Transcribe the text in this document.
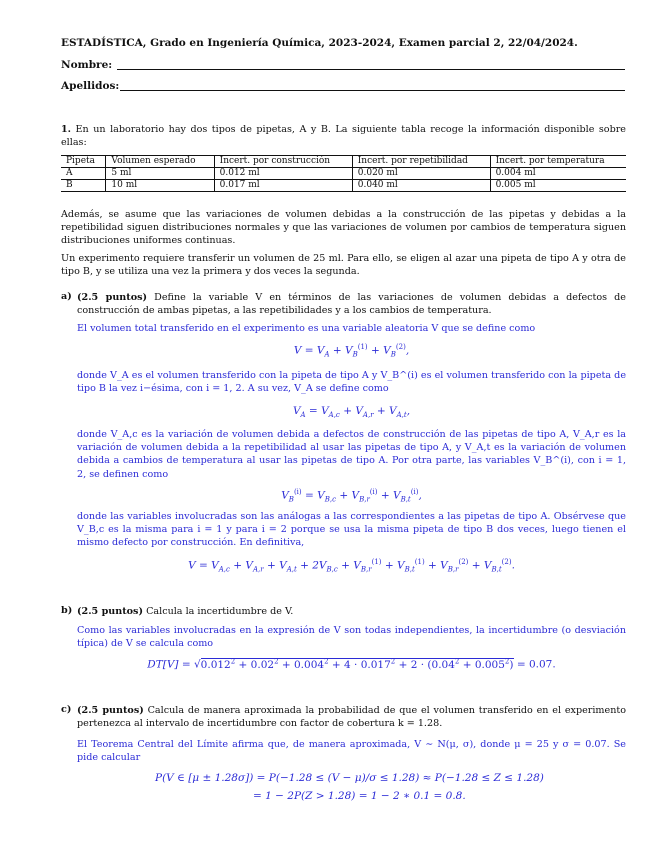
ESTADÍSTICA, Grado en Ingeniería Química, 2023-2024, Examen parcial 2, 22/04/2024.
Nombre:
Apellidos:
1. En un laboratorio hay dos tipos de pipetas, A y B. La siguiente tabla recoge la información disponible sobre ellas:
Pipeta	Volumen esperado	Incert. por construcción	Incert. por repetibilidad	Incert. por temperatura
A	5 ml	0.012 ml	0.020 ml	0.004 ml
B	10 ml	0.017 ml	0.040 ml	0.005 ml
Además, se asume que las variaciones de volumen debidas a la construcción de las pipetas y debidas a la repetibilidad siguen distribuciones normales y que las variaciones de volumen por cambios de temperatura siguen distribuciones uniformes continuas.
Un experimento requiere transferir un volumen de 25 ml. Para ello, se eligen al azar una pipeta de tipo A y otra de tipo B, y se utiliza una vez la primera y dos veces la segunda.
a) (2.5 puntos) Define la variable V en términos de las variaciones de volumen debidas a defectos de construcción de ambas pipetas, a las repetibilidades y a los cambios de temperatura.
El volumen total transferido en el experimento es una variable aleatoria V que se define como
$V = V_A + V_B^{(1)} + V_B^{(2)}$,
donde V_A es el volumen transferido con la pipeta de tipo A y V_B^(i) es el volumen transferido con la pipeta de tipo B la vez i−ésima, con i = 1, 2. A su vez, V_A se define como
$V_A = V_{A,c} + V_{A,r} + V_{A,t}$,
donde V_A,c es la variación de volumen debida a defectos de construcción de las pipetas de tipo A, V_A,r es la variación de volumen debida a la repetibilidad al usar las pipetas de tipo A, y V_A,t es la variación de volumen debida a cambios de temperatura al usar las pipetas de tipo A. Por otra parte, las variables V_B^(i), con i = 1, 2, se definen como
$V_B^{(i)} = V_{B,c} + V_{B,r}^{(i)} + V_{B,t}^{(i)}$,
donde las variables involucradas son las análogas a las correspondientes a las pipetas de tipo A. Obsérvese que V_B,c es la misma para i = 1 y para i = 2 porque se usa la misma pipeta de tipo B dos veces, luego tienen el mismo defecto por construcción. En definitiva,
$V = V_{A,c} + V_{A,r} + V_{A,t} + 2V_{B,c} + V_{B,r}^{(1)} + V_{B,t}^{(1)} + V_{B,r}^{(2)} + V_{B,t}^{(2)}$.
b) (2.5 puntos) Calcula la incertidumbre de V.
Como las variables involucradas en la expresión de V son todas independientes, la incertidumbre (o desviación típica) de V se calcula como
$DT[V] = √0.012^2 + 0.02^2 + 0.004^2 + 4 \cdot 0.017^2 + 2 \cdot (0.04^2 + 0.005^2) = 0.07$.
c) (2.5 puntos) Calcula de manera aproximada la probabilidad de que el volumen transferido en el experimento pertenezca al intervalo de incertidumbre con factor de cobertura k = 1.28.
El Teorema Central del Límite afirma que, de manera aproximada, V ∼ N(μ, σ), donde μ = 25 y σ = 0.07. Se pide calcular
P(V ∈ [μ ± 1.28σ]) = P(−1.28 ≤ (V − μ)/σ ≤ 1.28) ≈ P(−1.28 ≤ Z ≤ 1.28)
= 1 − 2P(Z > 1.28) = 1 − 2 ∗ 0.1 = 0.8.
